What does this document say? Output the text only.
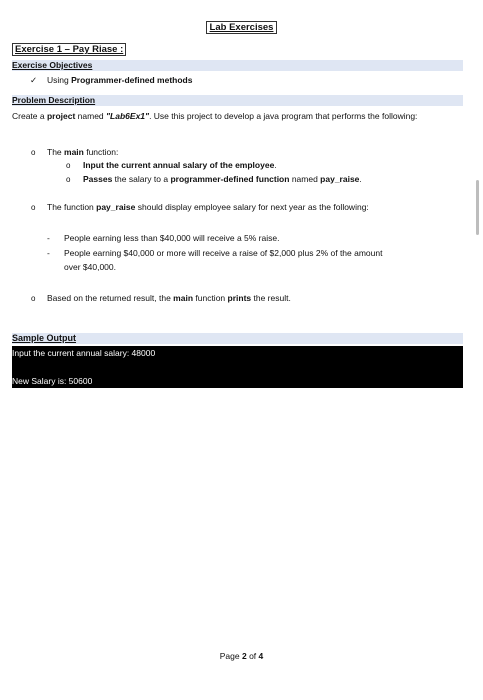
Lab Exercises
Exercise 1 – Pay Riase :
Exercise Objectives
✓ Using Programmer-defined methods
Problem Description
Create a project named "Lab6Ex1". Use this project to develop a java program that performs the following:
o The main function:
o Input the current annual salary of the employee.
o Passes the salary to a programmer-defined function named pay_raise.
o The function pay_raise should display employee salary for next year as the following:
- People earning less than $40,000 will receive a 5% raise.
- People earning $40,000 or more will receive a raise of $2,000 plus 2% of the amount
over $40,000.
o Based on the returned result, the main function prints the result.
Sample Output
Input the current annual salary: 48000
New Salary is: 50600
Page 2 of 4
